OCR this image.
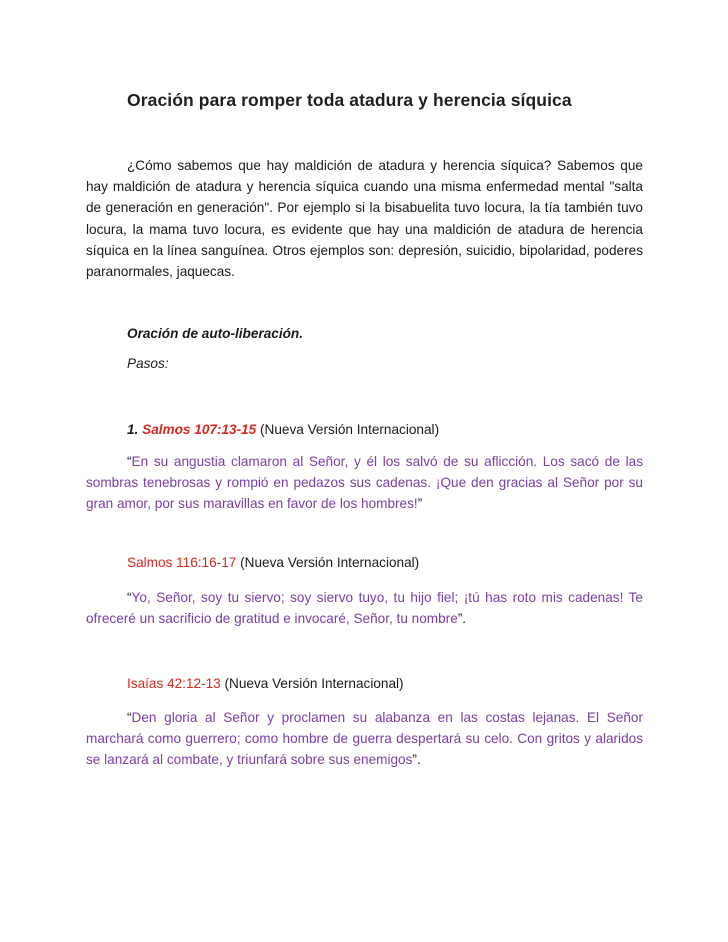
Oración para romper toda atadura y herencia síquica

¿Cómo sabemos que hay maldición de atadura y herencia síquica? Sabemos que hay maldición de atadura y herencia síquica cuando una misma enfermedad mental "salta de generación en generación". Por ejemplo si la bisabuelita tuvo locura, la tía también tuvo locura, la mama tuvo locura, es evidente que hay una maldición de atadura de herencia síquica en la línea sanguínea. Otros ejemplos son: depresión, suicidio, bipolaridad, poderes paranormales, jaquecas.

Oración de auto-liberación.
Pasos:
1. Salmos 107:13-15 (Nueva Versión Internacional)

“En su angustia clamaron al Señor, y él los salvó de su aflicción. Los sacó de las sombras tenebrosas y rompió en pedazos sus cadenas. ¡Que den gracias al Señor por su gran amor, por sus maravillas en favor de los hombres!”

Salmos 116:16-17 (Nueva Versión Internacional)

“Yo, Señor, soy tu siervo; soy siervo tuyo, tu hijo fiel; ¡tú has roto mis cadenas! Te ofreceré un sacrificio de gratitud e invocaré, Señor, tu nombre”.

Isaías 42:12-13 (Nueva Versión Internacional)

“Den gloria al Señor y proclamen su alabanza en las costas lejanas. El Señor marchará como guerrero; como hombre de guerra despertará su celo. Con gritos y alaridos se lanzará al combate, y triunfará sobre sus enemigos”.
